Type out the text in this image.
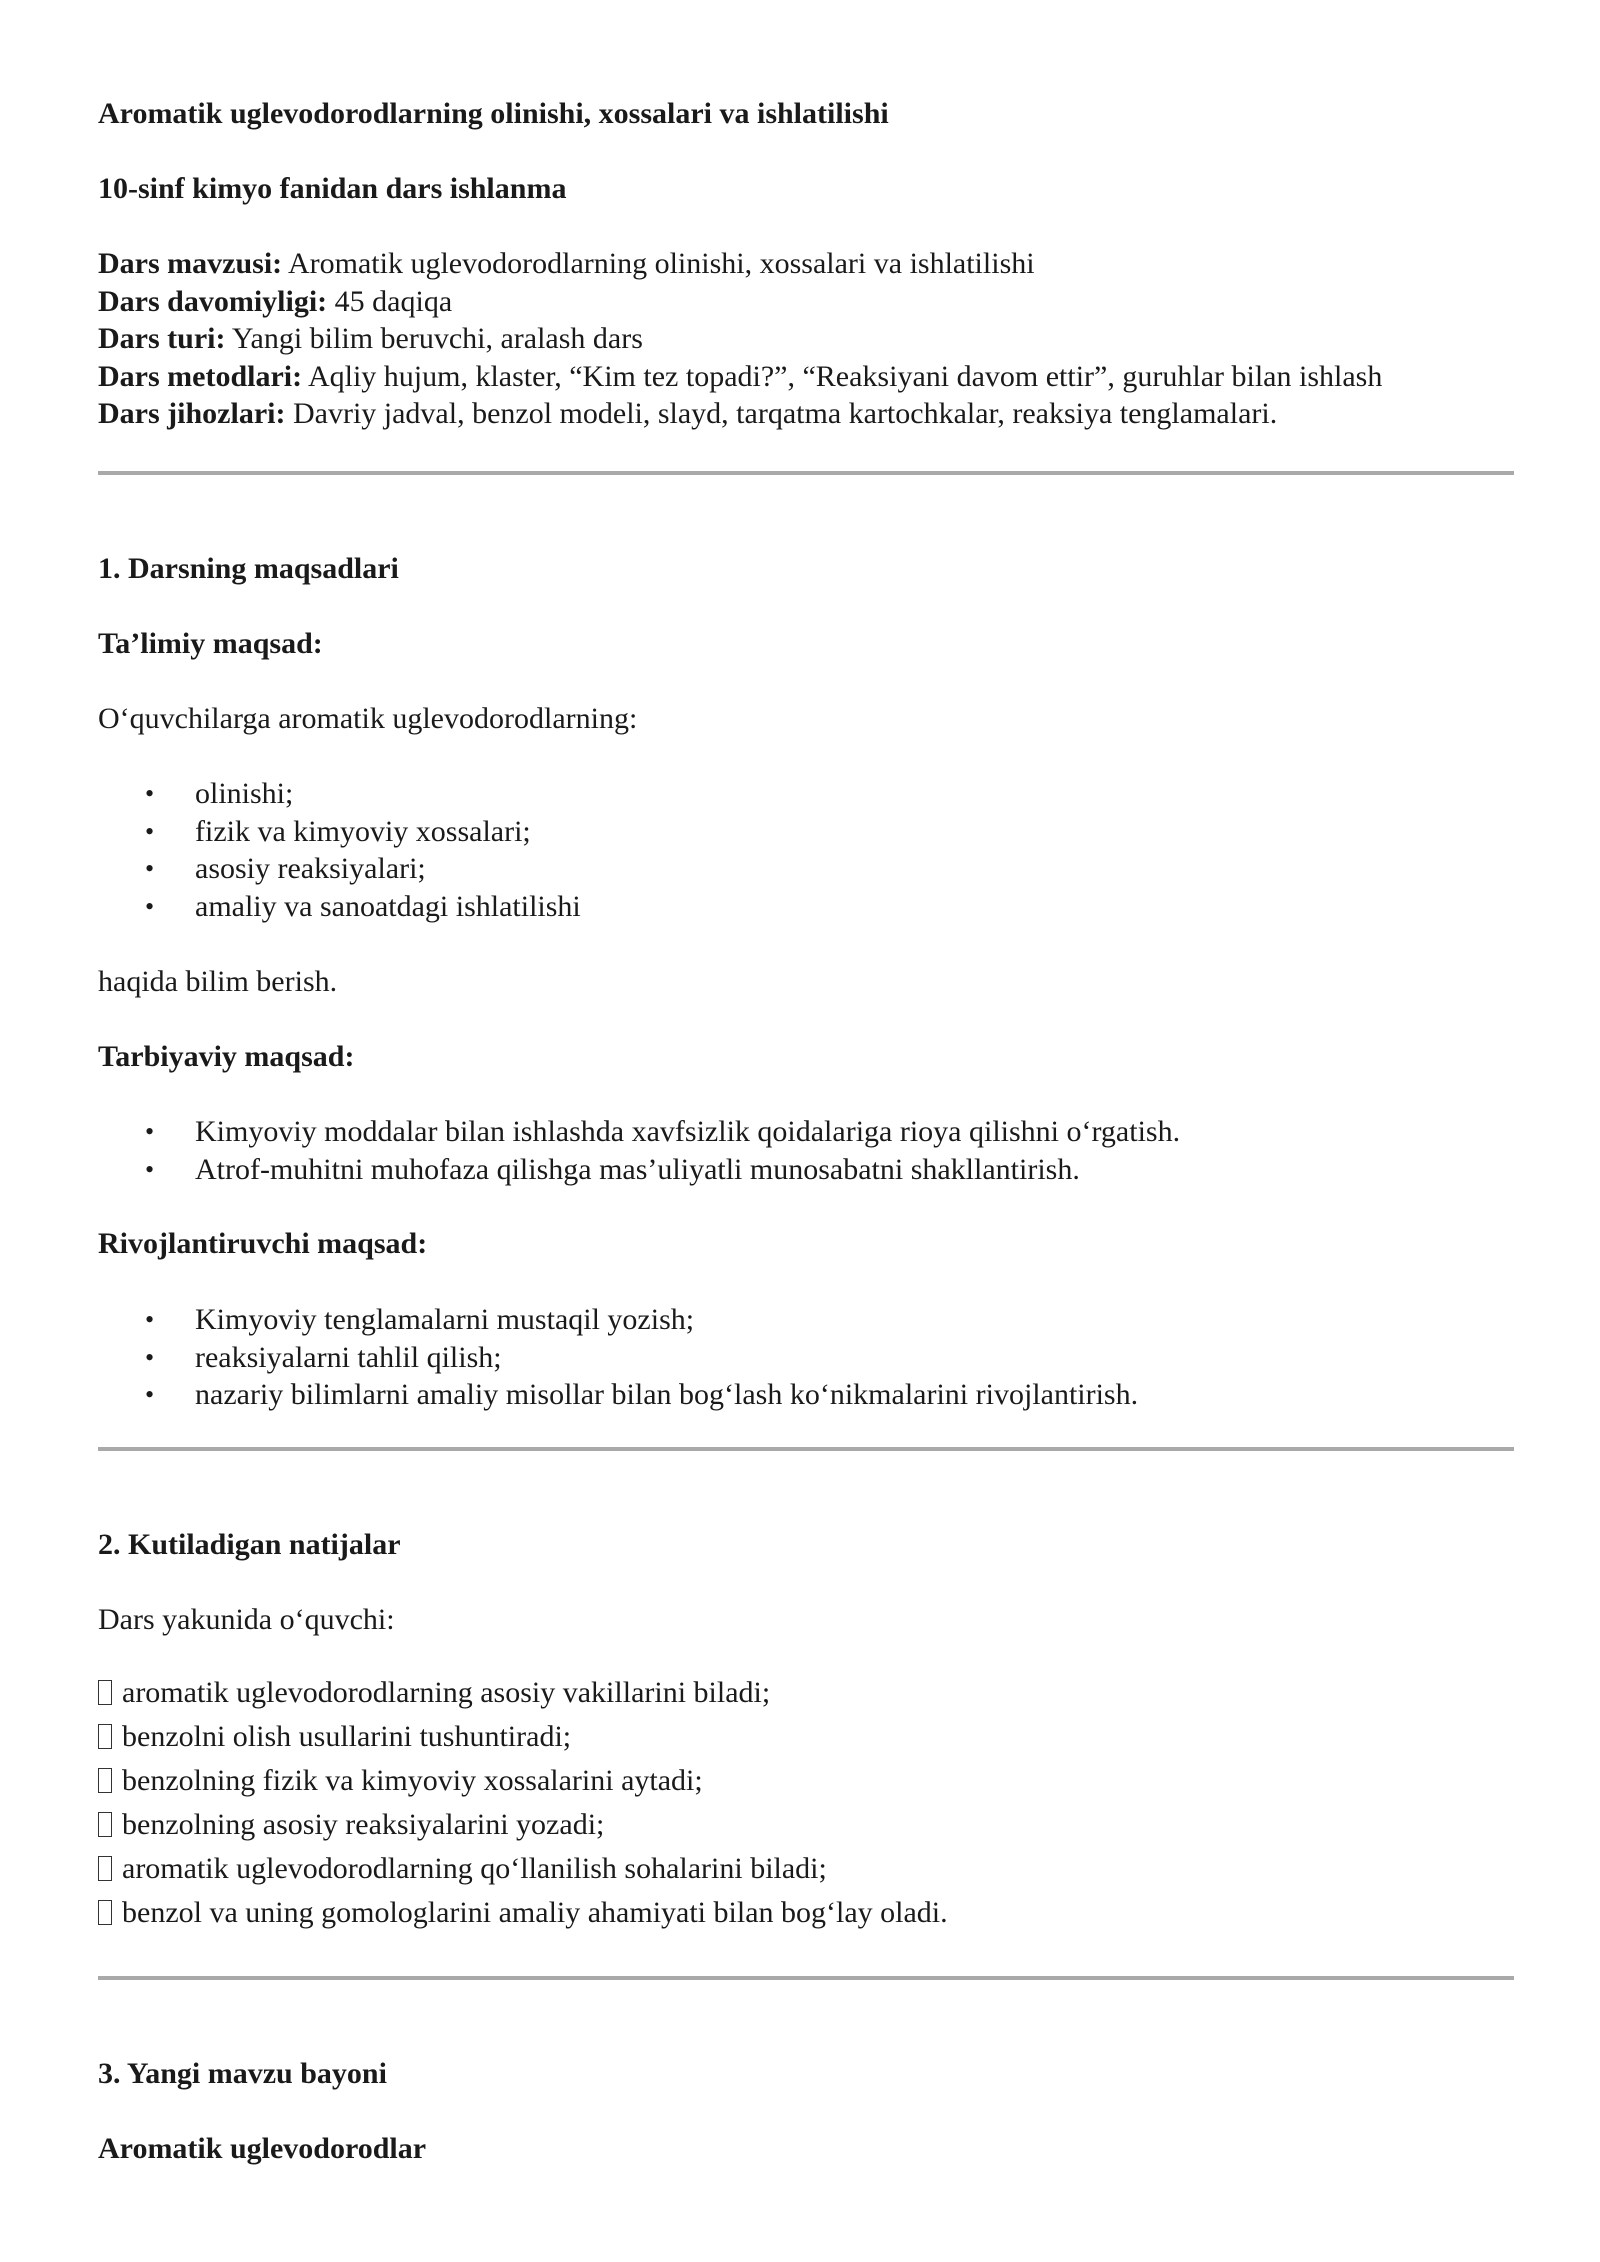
Aromatik uglevodorodlarning olinishi, xossalari va ishlatilishi
10-sinf kimyo fanidan dars ishlanma
Dars mavzusi: Aromatik uglevodorodlarning olinishi, xossalari va ishlatilishi
Dars davomiyligi: 45 daqiqa
Dars turi: Yangi bilim beruvchi, aralash dars
Dars metodlari: Aqliy hujum, klaster, “Kim tez topadi?”, “Reaksiyani davom ettir”, guruhlar bilan ishlash
Dars jihozlari: Davriy jadval, benzol modeli, slayd, tarqatma kartochkalar, reaksiya tenglamalari.
1. Darsning maqsadlari
Ta’limiy maqsad:
O‘quvchilarga aromatik uglevodorodlarning:
• olinishi;
• fizik va kimyoviy xossalari;
• asosiy reaksiyalari;
• amaliy va sanoatdagi ishlatilishi
haqida bilim berish.
Tarbiyaviy maqsad:
• Kimyoviy moddalar bilan ishlashda xavfsizlik qoidalariga rioya qilishni o‘rgatish.
• Atrof-muhitni muhofaza qilishga mas’uliyatli munosabatni shakllantirish.
Rivojlantiruvchi maqsad:
• Kimyoviy tenglamalarni mustaqil yozish;
• reaksiyalarni tahlil qilish;
• nazariy bilimlarni amaliy misollar bilan bog‘lash ko‘nikmalarini rivojlantirish.
2. Kutiladigan natijalar
Dars yakunida o‘quvchi:
aromatik uglevodorodlarning asosiy vakillarini biladi;
benzolni olish usullarini tushuntiradi;
benzolning fizik va kimyoviy xossalarini aytadi;
benzolning asosiy reaksiyalarini yozadi;
aromatik uglevodorodlarning qo‘llanilish sohalarini biladi;
benzol va uning gomologlarini amaliy ahamiyati bilan bog‘lay oladi.
3. Yangi mavzu bayoni
Aromatik uglevodorodlar
